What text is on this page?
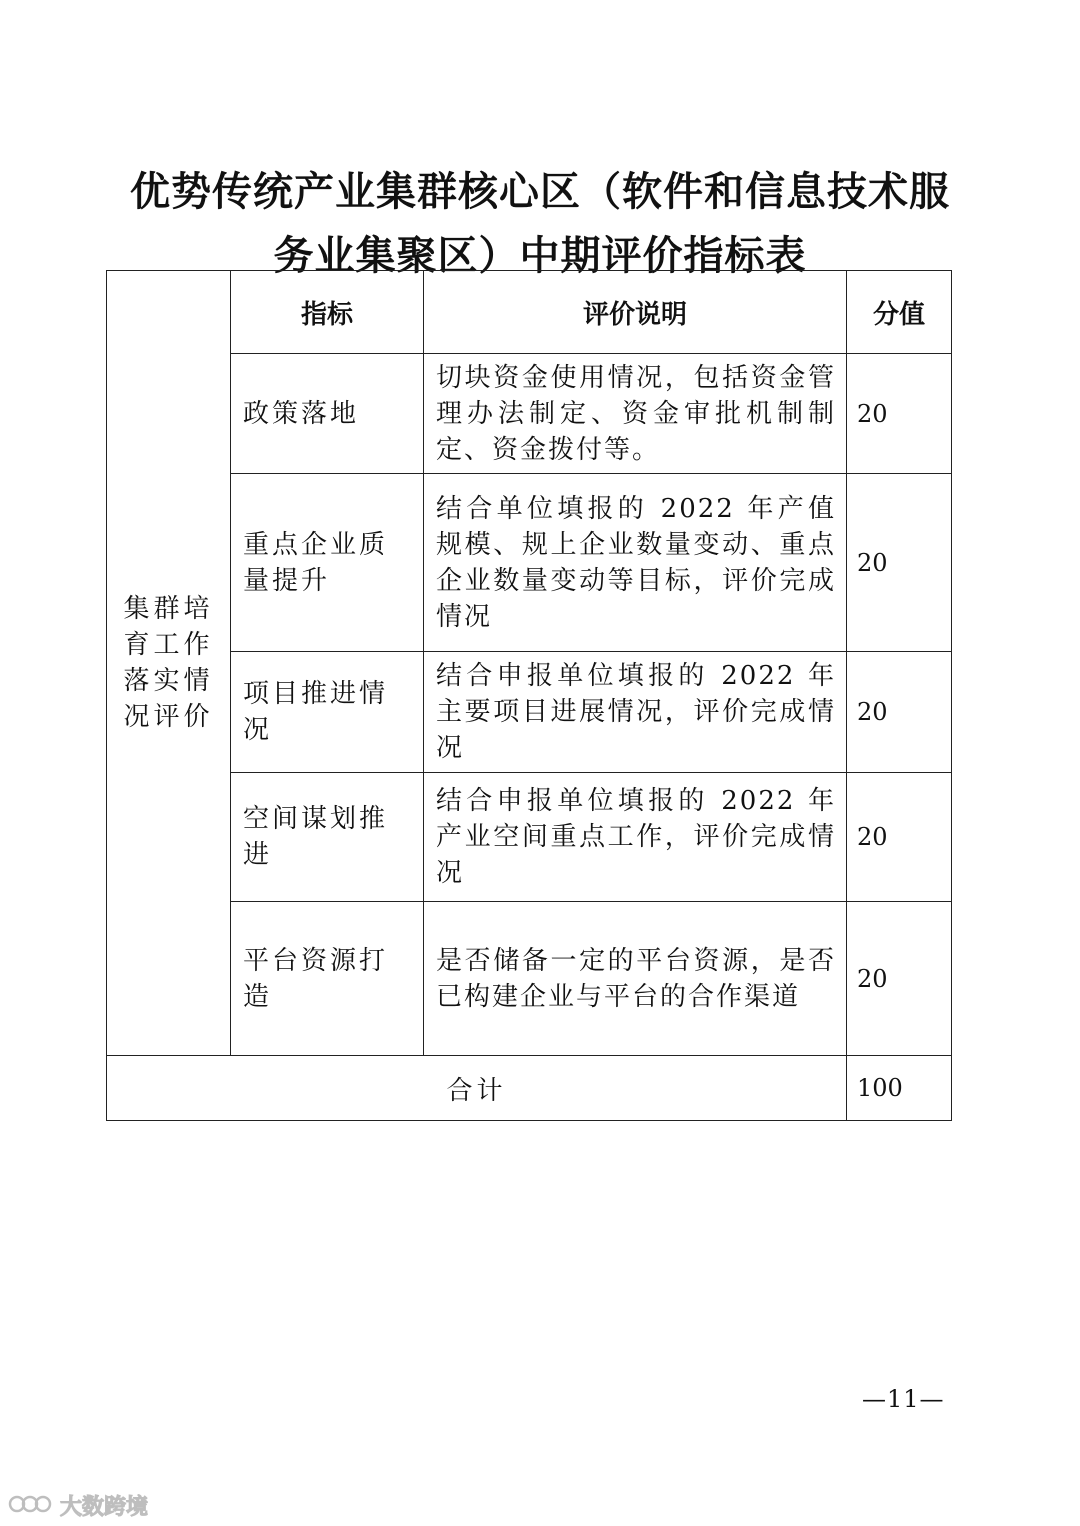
优势传统产业集群核心区（软件和信息技术服
务业集聚区）中期评价指标表
集群培育工作落实情况评价	指标	评价说明	分值
	政策落地	切块资金使用情况，包括资金管理办法制定、资金审批机制制定、资金拨付等。	20
	重点企业质量提升	结合单位填报的 2022 年产值规模、规上企业数量变动、重点企业数量变动等目标，评价完成情况	20
	项目推进情况	结合申报单位填报的 2022 年主要项目进展情况，评价完成情况	20
	空间谋划推进	结合申报单位填报的 2022 年产业空间重点工作，评价完成情况	20
	平台资源打造	是否储备一定的平台资源，是否已构建企业与平台的合作渠道	20
合计			100
—11—
大数跨境
